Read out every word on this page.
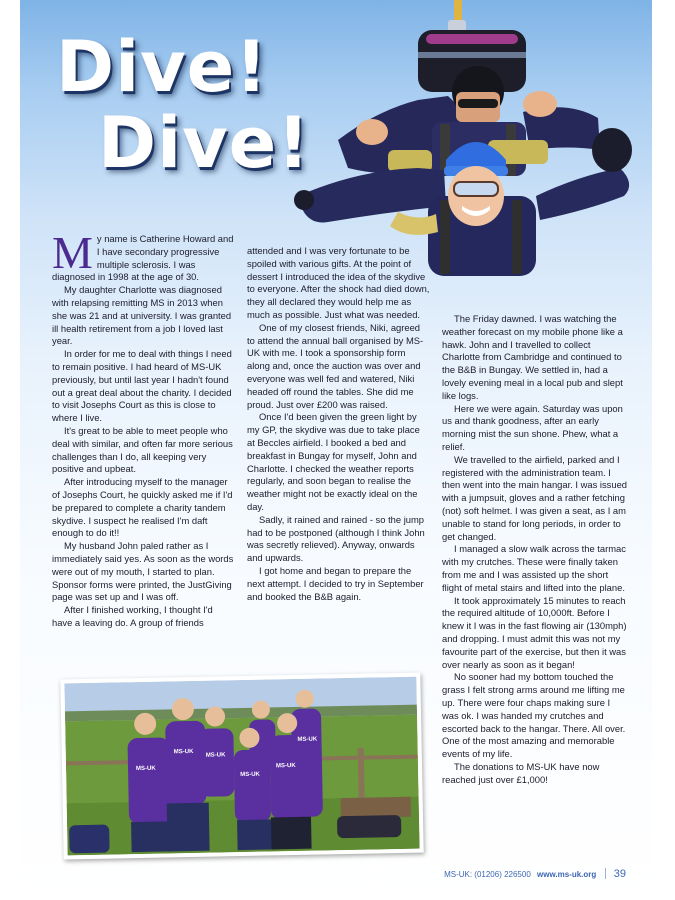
Dive!
Dive!

My name is Catherine Howard and I have secondary progressive multiple sclerosis. I was diagnosed in 1998 at the age of 30.

My daughter Charlotte was diagnosed with relapsing remitting MS in 2013 when she was 21 and at university. I was granted ill health retirement from a job I loved last year.

In order for me to deal with things I need to remain positive. I had heard of MS-UK previously, but until last year I hadn't found out a great deal about the charity. I decided to visit Josephs Court as this is close to where I live.

It's great to be able to meet people who deal with similar, and often far more serious challenges than I do, all keeping very positive and upbeat.

After introducing myself to the manager of Josephs Court, he quickly asked me if I'd be prepared to complete a charity tandem skydive. I suspect he realised I'm daft enough to do it!!

My husband John paled rather as I immediately said yes. As soon as the words were out of my mouth, I started to plan. Sponsor forms were printed, the JustGiving page was set up and I was off.

After I finished working, I thought I'd have a leaving do. A group of friends

attended and I was very fortunate to be spoiled with various gifts. At the point of dessert I introduced the idea of the skydive to everyone. After the shock had died down, they all declared they would help me as much as possible. Just what was needed.

One of my closest friends, Niki, agreed to attend the annual ball organised by MS-UK with me. I took a sponsorship form along and, once the auction was over and everyone was well fed and watered, Niki headed off round the tables. She did me proud. Just over £200 was raised.

Once I'd been given the green light by my GP, the skydive was due to take place at Beccles airfield. I booked a bed and breakfast in Bungay for myself, John and Charlotte. I checked the weather reports regularly, and soon began to realise the weather might not be exactly ideal on the day.

Sadly, it rained and rained - so the jump had to be postponed (although I think John was secretly relieved). Anyway, onwards and upwards.

I got home and began to prepare the next attempt. I decided to try in September and booked the B&B again.

The Friday dawned. I was watching the weather forecast on my mobile phone like a hawk. John and I travelled to collect Charlotte from Cambridge and continued to the B&B in Bungay. We settled in, had a lovely evening meal in a local pub and slept like logs.

Here we were again. Saturday was upon us and thank goodness, after an early morning mist the sun shone. Phew, what a relief.

We travelled to the airfield, parked and I registered with the administration team. I then went into the main hangar. I was issued with a jumpsuit, gloves and a rather fetching (not) soft helmet. I was given a seat, as I am unable to stand for long periods, in order to get changed.

I managed a slow walk across the tarmac with my crutches. These were finally taken from me and I was assisted up the short flight of metal stairs and lifted into the plane.

It took approximately 15 minutes to reach the required altitude of 10,000ft. Before I knew it I was in the fast flowing air (130mph) and dropping. I must admit this was not my favourite part of the exercise, but then it was over nearly as soon as it began!

No sooner had my bottom touched the grass I felt strong arms around me lifting me up. There were four chaps making sure I was ok. I was handed my crutches and escorted back to the hangar. There. All over. One of the most amazing and memorable events of my life.

The donations to MS-UK have now reached just over £1,000!

MS-UK
MS-UK
MS-UK
MS-UK
MS-UK
MS-UK
MS-UK: (01206) 226500 www.ms-uk.org 39
